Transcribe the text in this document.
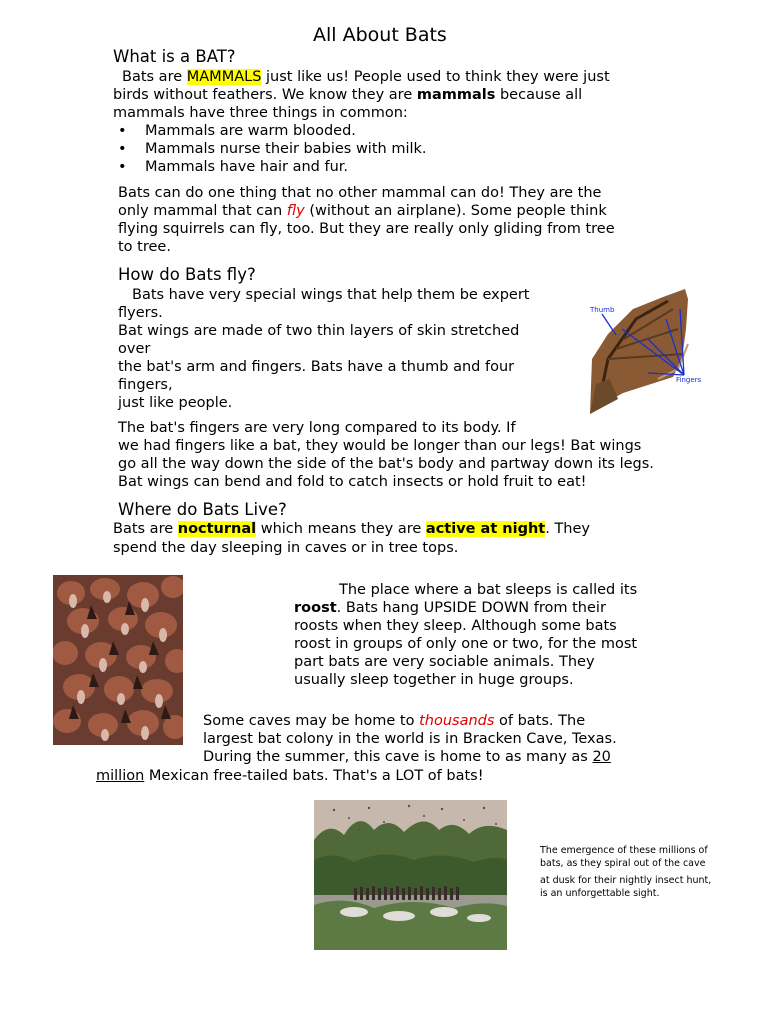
All About Bats
What is a BAT?
Bats are MAMMALS just like us! People used to think they were just
birds without feathers. We know they are mammals because all
mammals have three things in common:
• Mammals are warm blooded.
• Mammals nurse their babies with milk.
• Mammals have hair and fur.
Bats can do one thing that no other mammal can do! They are the
only mammal that can fly (without an airplane). Some people think
flying squirrels can fly, too. But they are really only gliding from tree
to tree.
How do Bats fly?
Bats have very special wings that help them be expert
flyers.
Bat wings are made of two thin layers of skin stretched
over
the bat's arm and fingers. Bats have a thumb and four
fingers,
just like people.
Thumb
Fingers
The bat's fingers are very long compared to its body. If
we had fingers like a bat, they would be longer than our legs! Bat wings
go all the way down the side of the bat's body and partway down its legs.
Bat wings can bend and fold to catch insects or hold fruit to eat!
Where do Bats Live?
Bats are nocturnal which means they are active at night. They
spend the day sleeping in caves or in tree tops.
The place where a bat sleeps is called its
roost. Bats hang UPSIDE DOWN from their
roosts when they sleep. Although some bats
roost in groups of only one or two, for the most
part bats are very sociable animals. They
usually sleep together in huge groups.
Some caves may be home to thousands of bats. The
largest bat colony in the world is in Bracken Cave, Texas.
During the summer, this cave is home to as many as 20
million Mexican free-tailed bats. That's a LOT of bats!
The emergence of these millions of
bats, as they spiral out of the cave
at dusk for their nightly insect hunt,
is an unforgettable sight.
